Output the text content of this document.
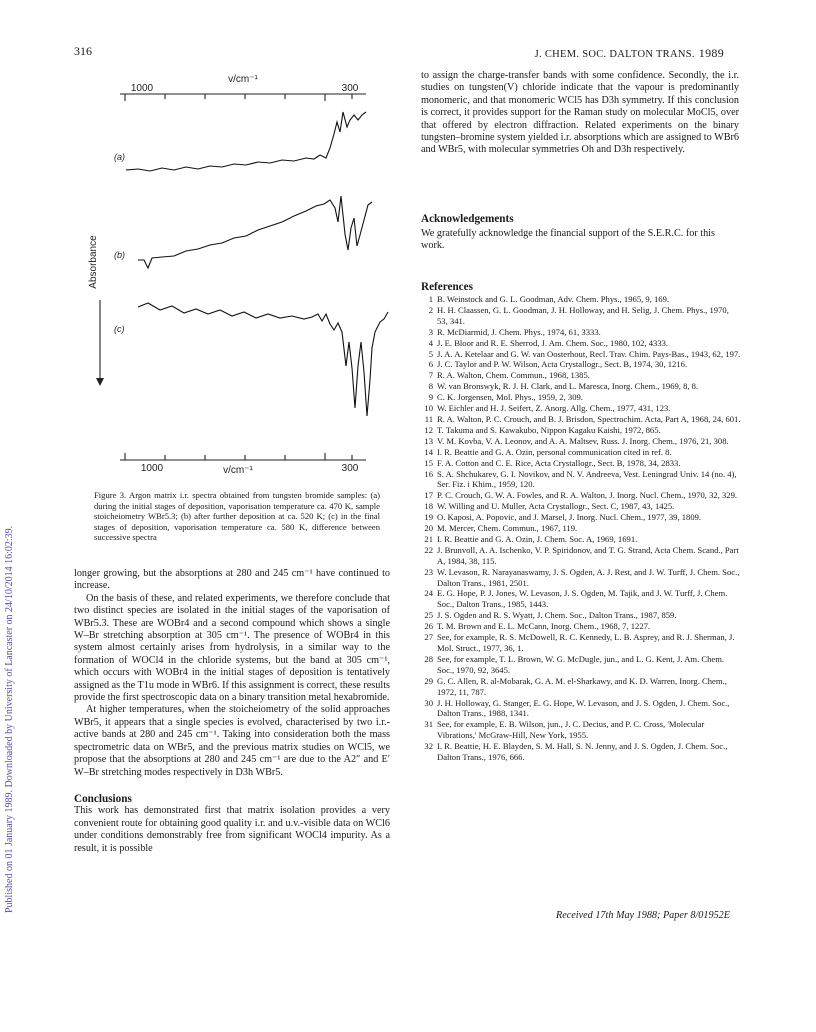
316	J. CHEM. SOC. DALTON TRANS. 1989
Published on 01 January 1989. Downloaded by University of Lancaster on 24/10/2014 16:02:39.
v/cm⁻¹
1000	300
1000	300
v/cm⁻¹
Absorbance
(a)
(b)
(c)
Figure 3. Argon matrix i.r. spectra obtained from tungsten bromide samples: (a) during the initial stages of deposition, vaporisation temperature ca. 470 K, sample stoicheiometry WBr5.3; (b) after further deposition at ca. 520 K; (c) in the final stages of deposition, vaporisation temperature ca. 580 K, difference between successive spectra

longer growing, but the absorptions at 280 and 245 cm⁻¹ have continued to increase.

On the basis of these, and related experiments, we therefore conclude that two distinct species are isolated in the initial stages of the vaporisation of WBr5.3. These are WOBr4 and a second compound which shows a single W–Br stretching absorption at 305 cm⁻¹. The presence of WOBr4 in this system almost certainly arises from hydrolysis, in a similar way to the formation of WOCl4 in the chloride systems, but the band at 305 cm⁻¹, which occurs with WOBr4 in the initial stages of deposition is tentatively assigned as the T1u mode in WBr6. If this assignment is correct, these results provide the first spectroscopic data on a binary transition metal hexabromide.

At higher temperatures, when the stoicheiometry of the solid approaches WBr5, it appears that a single species is evolved, characterised by two i.r.-active bands at 280 and 245 cm⁻¹. Taking into consideration both the mass spectrometric data on WBr5, and the previous matrix studies on WCl5, we propose that the absorptions at 280 and 245 cm⁻¹ are due to the A2″ and E′ W–Br stretching modes respectively in D3h WBr5.

Conclusions

This work has demonstrated first that matrix isolation provides a very convenient route for obtaining good quality i.r. and u.v.-visible data on WCl6 under conditions demonstrably free from significant WOCl4 impurity. As a result, it is possible

to assign the charge-transfer bands with some confidence. Secondly, the i.r. studies on tungsten(V) chloride indicate that the vapour is predominantly monomeric, and that monomeric WCl5 has D3h symmetry. If this conclusion is correct, it provides support for the Raman study on molecular MoCl5, over that offered by electron diffraction. Related experiments on the binary tungsten–bromine system yielded i.r. absorptions which are assigned to WBr6 and WBr5, with molecular symmetries Oh and D3h respectively.
Acknowledgements
We gratefully acknowledge the financial support of the S.E.R.C. for this work.
References
1 B. Weinstock and G. L. Goodman, Adv. Chem. Phys., 1965, 9, 169.
2 H. H. Claassen, G. L. Goodman, J. H. Holloway, and H. Selig, J. Chem. Phys., 1970, 53, 341.
3 R. McDiarmid, J. Chem. Phys., 1974, 61, 3333.
4 J. E. Bloor and R. E. Sherrod, J. Am. Chem. Soc., 1980, 102, 4333.
5 J. A. A. Ketelaar and G. W. van Oosterhout, Recl. Trav. Chim. Pays-Bas., 1943, 62, 197.
6 J. C. Taylor and P. W. Wilson, Acta Crystallogr., Sect. B, 1974, 30, 1216.
7 R. A. Walton, Chem. Commun., 1968, 1385.
8 W. van Bronswyk, R. J. H. Clark, and L. Maresca, Inorg. Chem., 1969, 8, 8.
9 C. K. Jorgensen, Mol. Phys., 1959, 2, 309.
10 W. Eichler and H. J. Seifert, Z. Anorg. Allg. Chem., 1977, 431, 123.
11 R. A. Walton, P. C. Crouch, and B. J. Brisdon, Spectrochim. Acta, Part A, 1968, 24, 601.
12 T. Takuma and S. Kawakubo, Nippon Kagaku Kaishi, 1972, 865.
13 V. M. Kovba, V. A. Leonov, and A. A. Maltsev, Russ. J. Inorg. Chem., 1976, 21, 308.
14 I. R. Beattie and G. A. Ozin, personal communication cited in ref. 8.
15 F. A. Cotton and C. E. Rice, Acta Crystallogr., Sect. B, 1978, 34, 2833.
16 S. A. Shchukarev, G. I. Novikov, and N. V. Andreeva, Vest. Leningrad Univ. 14 (no. 4), Ser. Fiz. i Khim., 1959, 120.
17 P. C. Crouch, G. W. A. Fowles, and R. A. Walton, J. Inorg. Nucl. Chem., 1970, 32, 329.
18 W. Willing and U. Muller, Acta Crystallogr., Sect. C, 1987, 43, 1425.
19 O. Kaposi, A. Popovic, and J. Marsel, J. Inorg. Nucl. Chem., 1977, 39, 1809.
20 M. Mercer, Chem. Commun., 1967, 119.
21 I. R. Beattie and G. A. Ozin, J. Chem. Soc. A, 1969, 1691.
22 J. Brunvoll, A. A. Ischenko, V. P. Spiridonov, and T. G. Strand, Acta Chem. Scand., Part A, 1984, 38, 115.
23 W. Levason, R. Narayanaswamy, J. S. Ogden, A. J. Rest, and J. W. Turff, J. Chem. Soc., Dalton Trans., 1981, 2501.
24 E. G. Hope, P. J. Jones, W. Levason, J. S. Ogden, M. Tajik, and J. W. Turff, J. Chem. Soc., Dalton Trans., 1985, 1443.
25 J. S. Ogden and R. S. Wyatt, J. Chem. Soc., Dalton Trans., 1987, 859.
26 T. M. Brown and E. L. McCann, Inorg. Chem., 1968, 7, 1227.
27 See, for example, R. S. McDowell, R. C. Kennedy, L. B. Asprey, and R. J. Sherman, J. Mol. Struct., 1977, 36, 1.
28 See, for example, T. L. Brown, W. G. McDugle, jun., and L. G. Kent, J. Am. Chem. Soc., 1970, 92, 3645.
29 G. C. Allen, R. al-Mobarak, G. A. M. el-Sharkawy, and K. D. Warren, Inorg. Chem., 1972, 11, 787.
30 J. H. Holloway, G. Stanger, E. G. Hope, W. Levason, and J. S. Ogden, J. Chem. Soc., Dalton Trans., 1988, 1341.
31 See, for example, E. B. Wilson, jun., J. C. Decius, and P. C. Cross, 'Molecular Vibrations,' McGraw-Hill, New York, 1955.
32 I. R. Beattie, H. E. Blayden, S. M. Hall, S. N. Jenny, and J. S. Ogden, J. Chem. Soc., Dalton Trans., 1976, 666.
Received 17th May 1988; Paper 8/01952E
